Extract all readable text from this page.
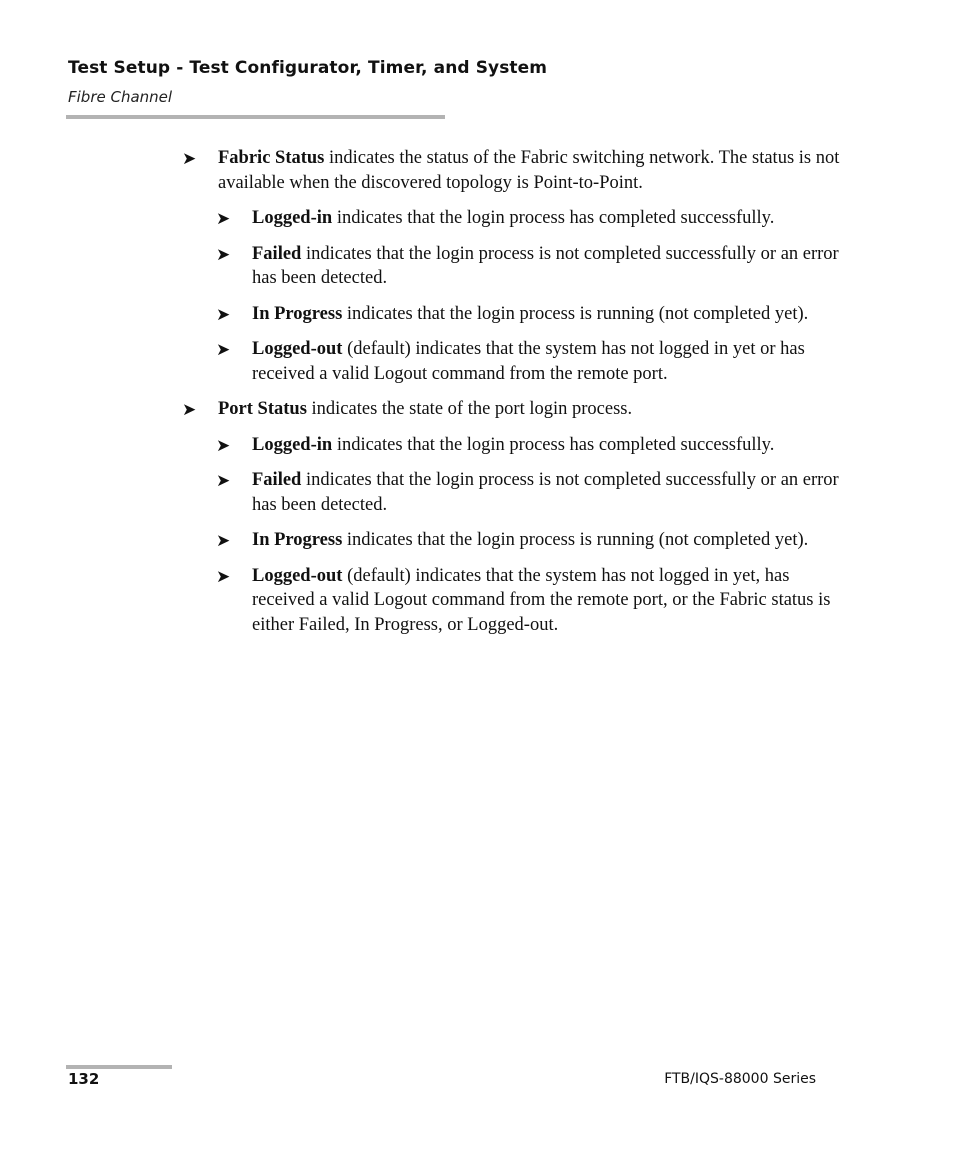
Test Setup - Test Configurator, Timer, and System
Fibre Channel
➤ Fabric Status indicates the status of the Fabric switching network. The status is not available when the discovered topology is Point-to-Point.
➤ Logged-in indicates that the login process has completed successfully.
➤ Failed indicates that the login process is not completed successfully or an error has been detected.
➤ In Progress indicates that the login process is running (not completed yet).
➤ Logged-out (default) indicates that the system has not logged in yet or has received a valid Logout command from the remote port.
➤ Port Status indicates the state of the port login process.
➤ Logged-in indicates that the login process has completed successfully.
➤ Failed indicates that the login process is not completed successfully or an error has been detected.
➤ In Progress indicates that the login process is running (not completed yet).
➤ Logged-out (default) indicates that the system has not logged in yet, has received a valid Logout command from the remote port, or the Fabric status is either Failed, In Progress, or Logged-out.
132	FTB/IQS-88000 Series
